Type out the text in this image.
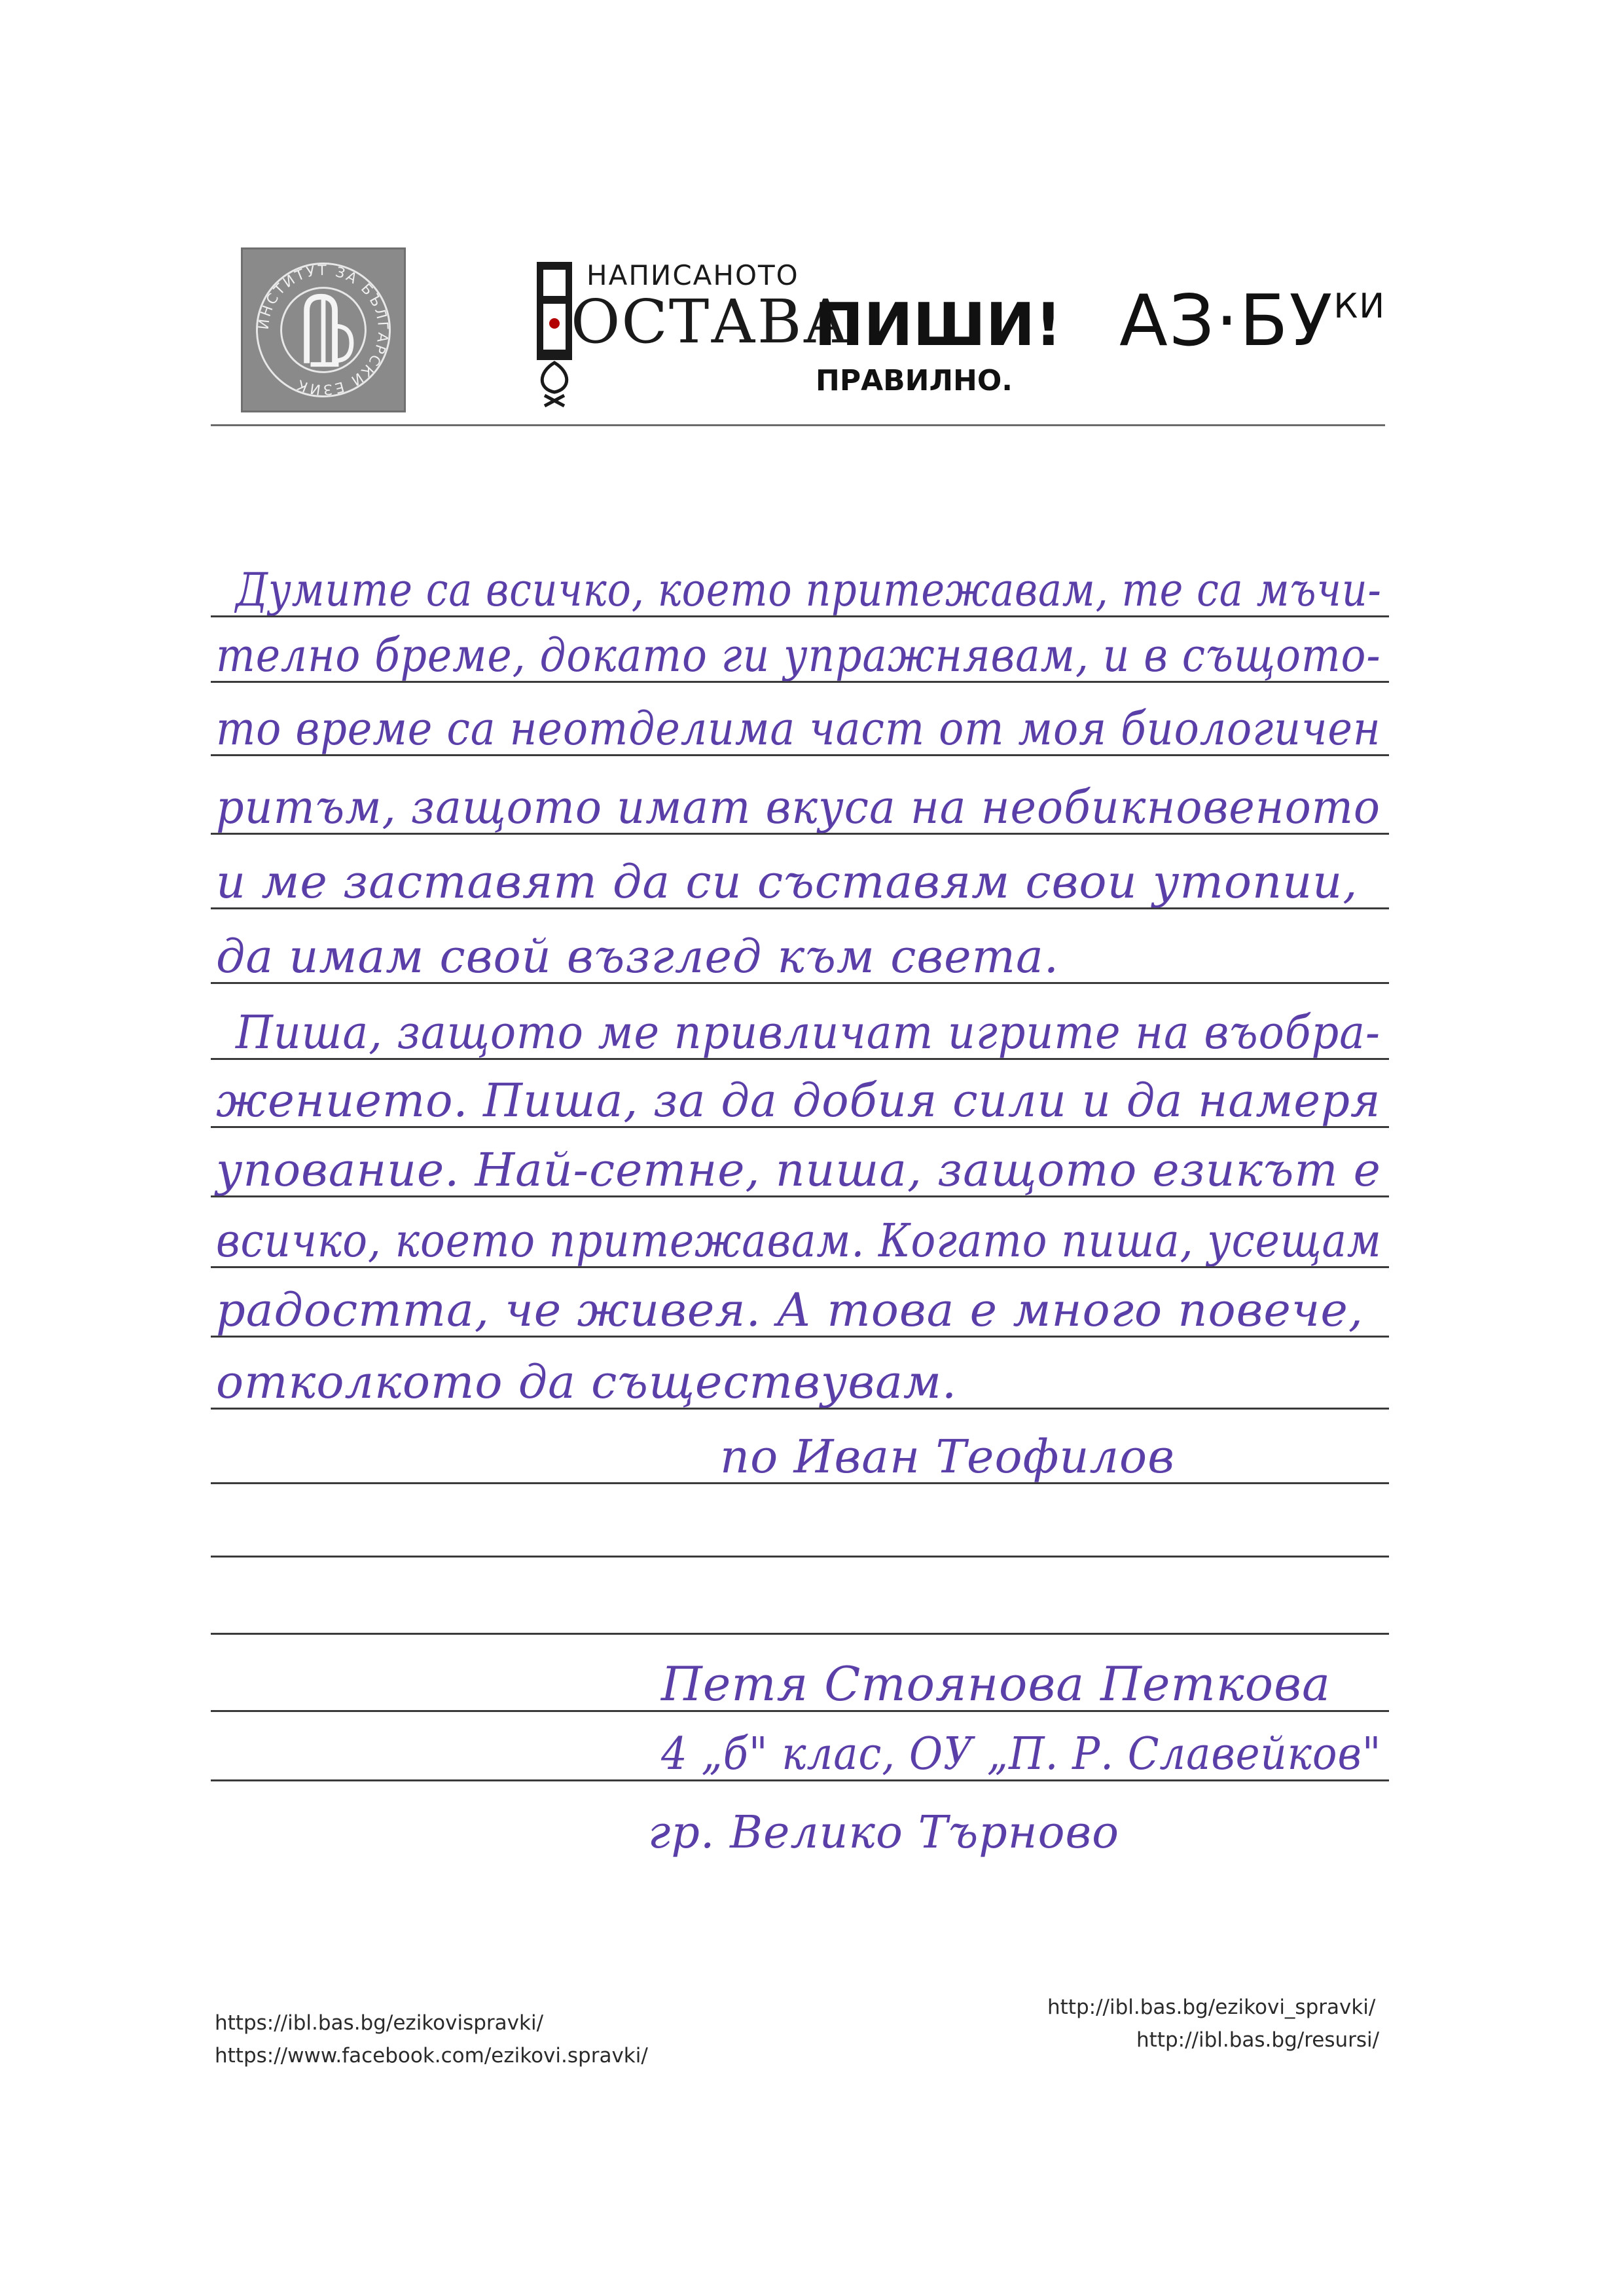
ИНСТИТУТ ЗА БЪЛГАРСКИ ЕЗИК
НАПИСАНОТО
ОСТАВА
ПИШИ!
ПРАВИЛНО.
$АЗ\cdot БУ^{КИ}$
Думите са всичко, което притежавам, те са мъчи-
телно бреме, докато ги упражнявам, и в същото-
то време са неотделима част от моя биологичен
ритъм, защото имат вкуса на необикновеното
и ме заставят да си съставям свои утопии,
да имам свой възглед към света.
Пиша, защото ме привличат игрите на въобра-
жението. Пиша, за да добия сили и да намеря
упование. Най-сетне, пиша, защото езикът е
всичко, което притежавам. Когато пиша, усещам
радостта, че живея. А това е много повече,
отколкото да съществувам.
по Иван Теофилов
Петя Стоянова Петкова
4 „б" клас, ОУ „П. Р. Славейков"
гр. Велико Търново
https://ibl.bas.bg/ezikovispravki/
https://www.facebook.com/ezikovi.spravki/
http://ibl.bas.bg/ezikovi_spravki/
http://ibl.bas.bg/resursi/
